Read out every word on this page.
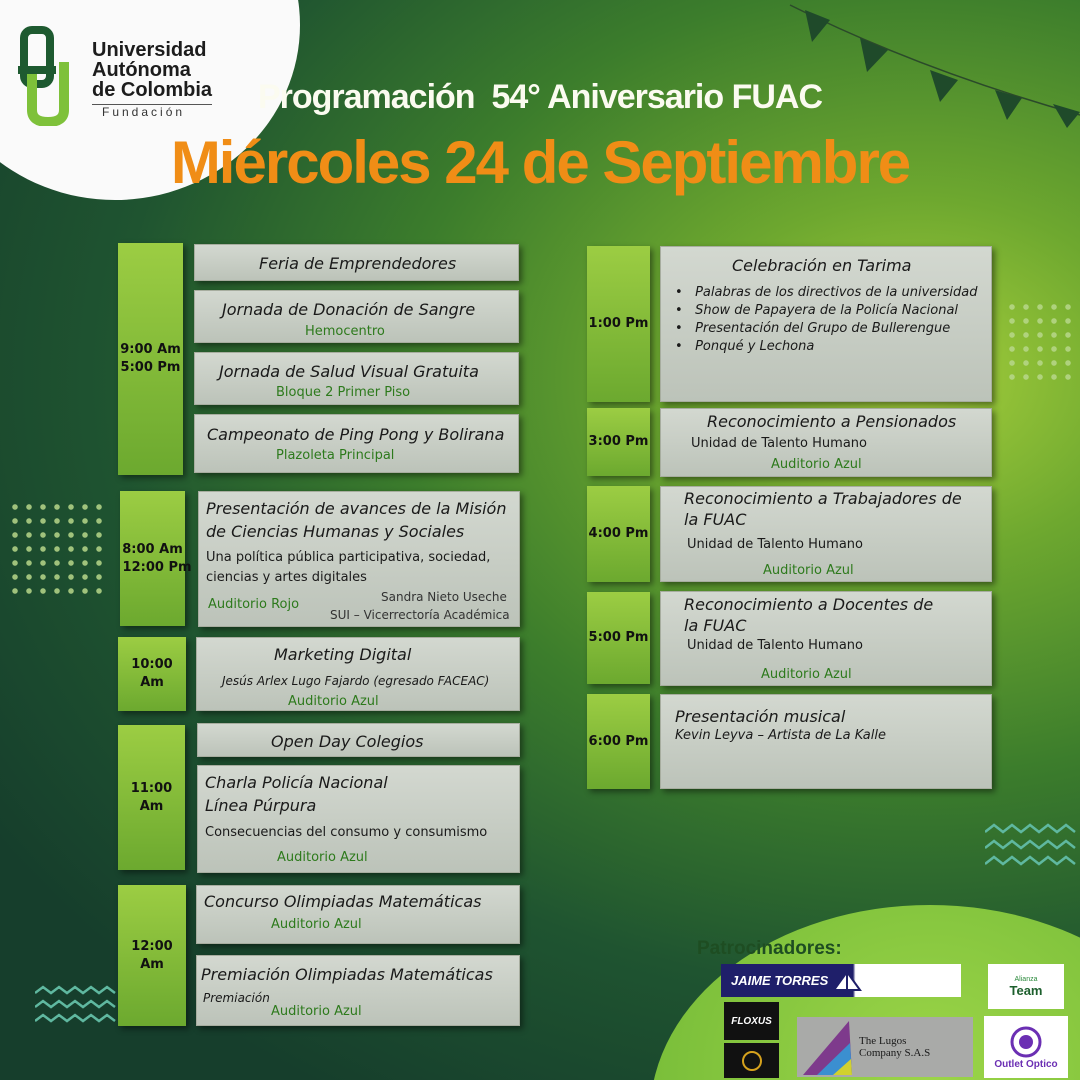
Universidad
Autónoma
de Colombia
Fundación	Programación  54° Aniversario FUAC
Miércoles 24 de Septiembre
9:00 Am
5:00 Pm
Feria de Emprendedores
Jornada de Donación de Sangre
Hemocentro
Jornada de Salud Visual Gratuita
Bloque 2 Primer Piso
Campeonato de Ping Pong y Bolirana
Plazoleta Principal
8:00 Am
12:00 Pm
Presentación de avances de la Misión
de Ciencias Humanas y Sociales
Una política pública participativa, sociedad,
ciencias y artes digitales
Sandra Nieto Useche
Auditorio Rojo
SUI – Vicerrectoría Académica
10:00 Am
Marketing Digital
Jesús Arlex Lugo Fajardo (egresado FACEAC)
Auditorio Azul
11:00 Am
Open Day Colegios
Charla Policía Nacional
Línea Púrpura
Consecuencias del consumo y consumismo
Auditorio Azul
12:00 Am
Concurso Olimpiadas Matemáticas
Auditorio Azul
Premiación Olimpiadas Matemáticas
Premiación
Auditorio Azul
1:00 Pm
Celebración en Tarima
•   Palabras de los directivos de la universidad
•   Show de Papayera de la Policía Nacional
•   Presentación del Grupo de Bullerengue
•   Ponqué y Lechona
3:00 Pm
Reconocimiento a Pensionados
Unidad de Talento Humano
Auditorio Azul
4:00 Pm
Reconocimiento a Trabajadores de
la FUAC
Unidad de Talento Humano
Auditorio Azul
5:00 Pm
Reconocimiento a Docentes de
la FUAC
Unidad de Talento Humano
Auditorio Azul
6:00 Pm
Presentación musical
Kevin Leyva – Artista de La Kalle
Patrocinadores:
JAIME TORRES	Alianza
Team
FLOXUS
The Lugos
Company S.A.S
Outlet Optico
